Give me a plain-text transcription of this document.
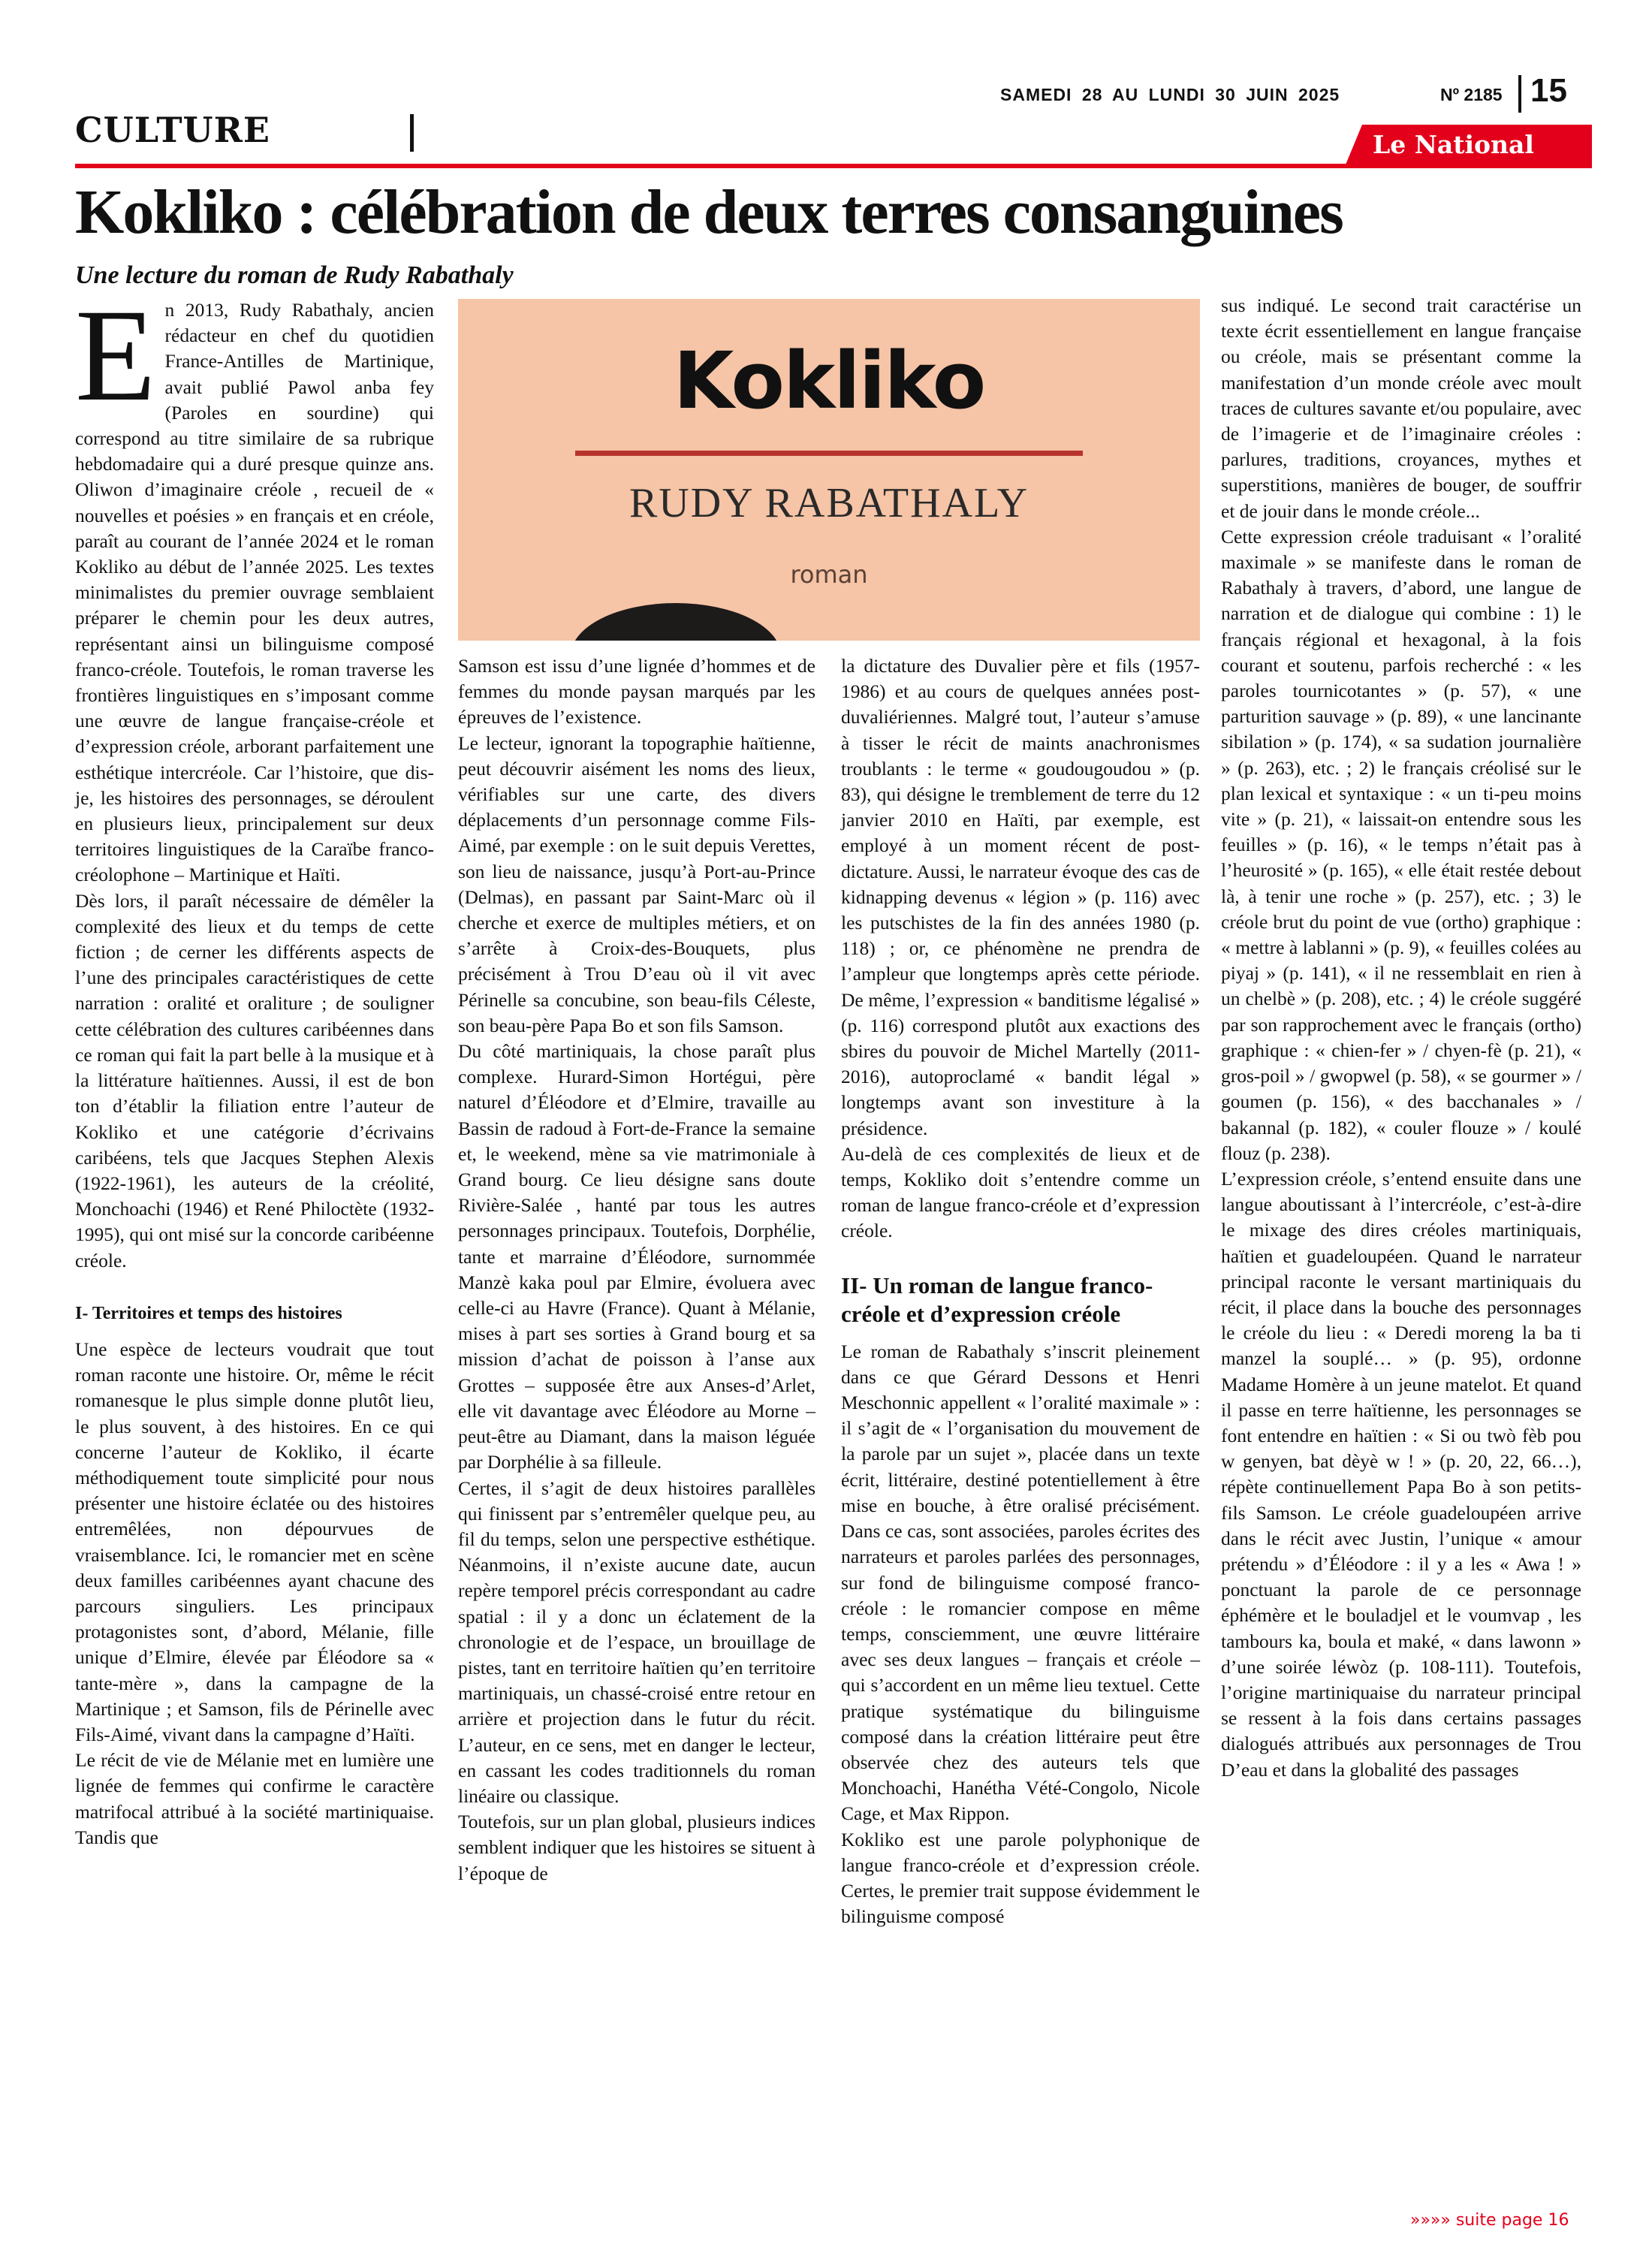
CULTURE
SAMEDI 28 AU LUNDI 30 JUIN 2025	Nº 2185 15
Le National
Kokliko : célébration de deux terres consanguines
Une lecture du roman de Rudy Rabathaly
E n 2013, Rudy Rabathaly, ancien rédacteur en chef du quotidien France-Antilles de Martinique, avait publié Pawol anba fey (Paroles en sourdine) qui correspond au titre similaire de sa rubrique hebdomadaire qui a duré presque quinze ans. Oliwon d’imaginaire créole , recueil de « nouvelles et poésies » en français et en créole, paraît au courant de l’année 2024 et le roman Kokliko au début de l’année 2025. Les textes minimalistes du premier ouvrage semblaient préparer le chemin pour les deux autres, représentant ainsi un bilinguisme composé franco-créole. Toutefois, le roman traverse les frontières linguistiques en s’imposant comme une œuvre de langue française-créole et d’expression créole, arborant parfaitement une esthétique intercréole. Car l’histoire, que dis-je, les histoires des personnages, se déroulent en plusieurs lieux, principalement sur deux territoires linguistiques de la Caraïbe franco-créolophone – Martinique et Haïti.

Dès lors, il paraît nécessaire de démêler la complexité des lieux et du temps de cette fiction ; de cerner les différents aspects de l’une des principales caractéristiques de cette narration : oralité et oraliture ; de souligner cette célébration des cultures caribéennes dans ce roman qui fait la part belle à la musique et à la littérature haïtiennes. Aussi, il est de bon ton d’établir la filiation entre l’auteur de Kokliko et une catégorie d’écrivains caribéens, tels que Jacques Stephen Alexis (1922-1961), les auteurs de la créolité, Monchoachi (1946) et René Philoctète (1932-1995), qui ont misé sur la concorde caribéenne créole.

I- Territoires et temps des histoires

Une espèce de lecteurs voudrait que tout roman raconte une histoire. Or, même le récit romanesque le plus simple donne plutôt lieu, le plus souvent, à des histoires. En ce qui concerne l’auteur de Kokliko, il écarte méthodiquement toute simplicité pour nous présenter une histoire éclatée ou des histoires entremêlées, non dépourvues de vraisemblance. Ici, le romancier met en scène deux familles caribéennes ayant chacune des parcours singuliers. Les principaux protagonistes sont, d’abord, Mélanie, fille unique d’Elmire, élevée par Éléodore sa « tante-mère », dans la campagne de la Martinique ; et Samson, fils de Périnelle avec Fils-Aimé, vivant dans la campagne d’Haïti.

Le récit de vie de Mélanie met en lumière une lignée de femmes qui confirme le caractère matrifocal attribué à la société martiniquaise. Tandis que

Kokliko
RUDY RABATHALY
roman

Samson est issu d’une lignée d’hommes et de femmes du monde paysan marqués par les épreuves de l’existence.

Le lecteur, ignorant la topographie haïtienne, peut découvrir aisément les noms des lieux, vérifiables sur une carte, des divers déplacements d’un personnage comme Fils-Aimé, par exemple : on le suit depuis Verettes, son lieu de naissance, jusqu’à Port-au-Prince (Delmas), en passant par Saint-Marc où il cherche et exerce de multiples métiers, et on s’arrête à Croix-des-Bouquets, plus précisément à Trou D’eau où il vit avec Périnelle sa concubine, son beau-fils Céleste, son beau-père Papa Bo et son fils Samson.

Du côté martiniquais, la chose paraît plus complexe. Hurard-Simon Hortégui, père naturel d’Éléodore et d’Elmire, travaille au Bassin de radoud à Fort-de-France la semaine et, le weekend, mène sa vie matrimoniale à Grand bourg. Ce lieu désigne sans doute Rivière-Salée , hanté par tous les autres personnages principaux. Toutefois, Dorphélie, tante et marraine d’Éléodore, surnommée Manzè kaka poul par Elmire, évoluera avec celle-ci au Havre (France). Quant à Mélanie, mises à part ses sorties à Grand bourg et sa mission d’achat de poisson à l’anse aux Grottes – supposée être aux Anses-d’Arlet, elle vit davantage avec Éléodore au Morne – peut-être au Diamant, dans la maison léguée par Dorphélie à sa filleule.

Certes, il s’agit de deux histoires parallèles qui finissent par s’entremêler quelque peu, au fil du temps, selon une perspective esthétique. Néanmoins, il n’existe aucune date, aucun repère temporel précis correspondant au cadre spatial : il y a donc un éclatement de la chronologie et de l’espace, un brouillage de pistes, tant en territoire haïtien qu’en territoire martiniquais, un chassé-croisé entre retour en arrière et projection dans le futur du récit. L’auteur, en ce sens, met en danger le lecteur, en cassant les codes traditionnels du roman linéaire ou classique.

Toutefois, sur un plan global, plusieurs indices semblent indiquer que les histoires se situent à l’époque de

la dictature des Duvalier père et fils (1957-1986) et au cours de quelques années post-duvaliériennes. Malgré tout, l’auteur s’amuse à tisser le récit de maints anachronismes troublants : le terme « goudougoudou » (p. 83), qui désigne le tremblement de terre du 12 janvier 2010 en Haïti, par exemple, est employé à un moment récent de post-dictature. Aussi, le narrateur évoque des cas de kidnapping devenus « légion » (p. 116) avec les putschistes de la fin des années 1980 (p. 118) ; or, ce phénomène ne prendra de l’ampleur que longtemps après cette période. De même, l’expression « banditisme légalisé » (p. 116) correspond plutôt aux exactions des sbires du pouvoir de Michel Martelly (2011-2016), autoproclamé « bandit légal » longtemps avant son investiture à la présidence.

Au-delà de ces complexités de lieux et de temps, Kokliko doit s’entendre comme un roman de langue franco-créole et d’expression créole.

II- Un roman de langue franco-créole et d’expression créole

Le roman de Rabathaly s’inscrit pleinement dans ce que Gérard Dessons et Henri Meschonnic appellent « l’oralité maximale » : il s’agit de « l’organisation du mouvement de la parole par un sujet », placée dans un texte écrit, littéraire, destiné potentiellement à être mise en bouche, à être oralisé précisément. Dans ce cas, sont associées, paroles écrites des narrateurs et paroles parlées des personnages, sur fond de bilinguisme composé franco-créole : le romancier compose en même temps, consciemment, une œuvre littéraire avec ses deux langues – français et créole – qui s’accordent en un même lieu textuel. Cette pratique systématique du bilinguisme composé dans la création littéraire peut être observée chez des auteurs tels que Monchoachi, Hanétha Vété-Congolo, Nicole Cage, et Max Rippon.

Kokliko est une parole polyphonique de langue franco-créole et d’expression créole. Certes, le premier trait suppose évidemment le bilinguisme composé

sus indiqué. Le second trait caractérise un texte écrit essentiellement en langue française ou créole, mais se présentant comme la manifestation d’un monde créole avec moult traces de cultures savante et/ou populaire, avec de l’imagerie et de l’imaginaire créoles : parlures, traditions, croyances, mythes et superstitions, manières de bouger, de souffrir et de jouir dans le monde créole...

Cette expression créole traduisant « l’oralité maximale » se manifeste dans le roman de Rabathaly à travers, d’abord, une langue de narration et de dialogue qui combine : 1) le français régional et hexagonal, à la fois courant et soutenu, parfois recherché : « les paroles tournicotantes » (p. 57), « une parturition sauvage » (p. 89), « une lancinante sibilation » (p. 174), « sa sudation journalière » (p. 263), etc. ; 2) le français créolisé sur le plan lexical et syntaxique : « un ti-peu moins vite » (p. 21), « laissait-on entendre sous les feuilles » (p. 16), « le temps n’était pas à l’heurosité » (p. 165), « elle était restée debout là, à tenir une roche » (p. 257), etc. ; 3) le créole brut du point de vue (ortho) graphique : « mettre à lablanni » (p. 9), « feuilles colées au piyaj » (p. 141), « il ne ressemblait en rien à un chelbè » (p. 208), etc. ; 4) le créole suggéré par son rapprochement avec le français (ortho) graphique : « chien-fer » / chyen-fè (p. 21), « gros-poil » / gwopwel (p. 58), « se gourmer » / goumen (p. 156), « des bacchanales » / bakannal (p. 182), « couler flouze » / koulé flouz (p. 238).

L’expression créole, s’entend ensuite dans une langue aboutissant à l’intercréole, c’est-à-dire le mixage des dires créoles martiniquais, haïtien et guadeloupéen. Quand le narrateur principal raconte le versant martiniquais du récit, il place dans la bouche des personnages le créole du lieu : « Deredi moreng la ba ti manzel la souplé… » (p. 95), ordonne Madame Homère à un jeune matelot. Et quand il passe en terre haïtienne, les personnages se font entendre en haïtien : « Si ou twò fèb pou w genyen, bat dèyè w ! » (p. 20, 22, 66…), répète continuellement Papa Bo à son petits-fils Samson. Le créole guadeloupéen arrive dans le récit avec Justin, l’unique « amour prétendu » d’Éléodore : il y a les « Awa ! » ponctuant la parole de ce personnage éphémère et le bouladjel et le voumvap , les tambours ka, boula et maké, « dans lawonn » d’une soirée léwòz (p. 108-111). Toutefois, l’origine martiniquaise du narrateur principal se ressent à la fois dans certains passages dialogués attribués aux personnages de Trou D’eau et dans la globalité des passages

»»»» suite page 16
